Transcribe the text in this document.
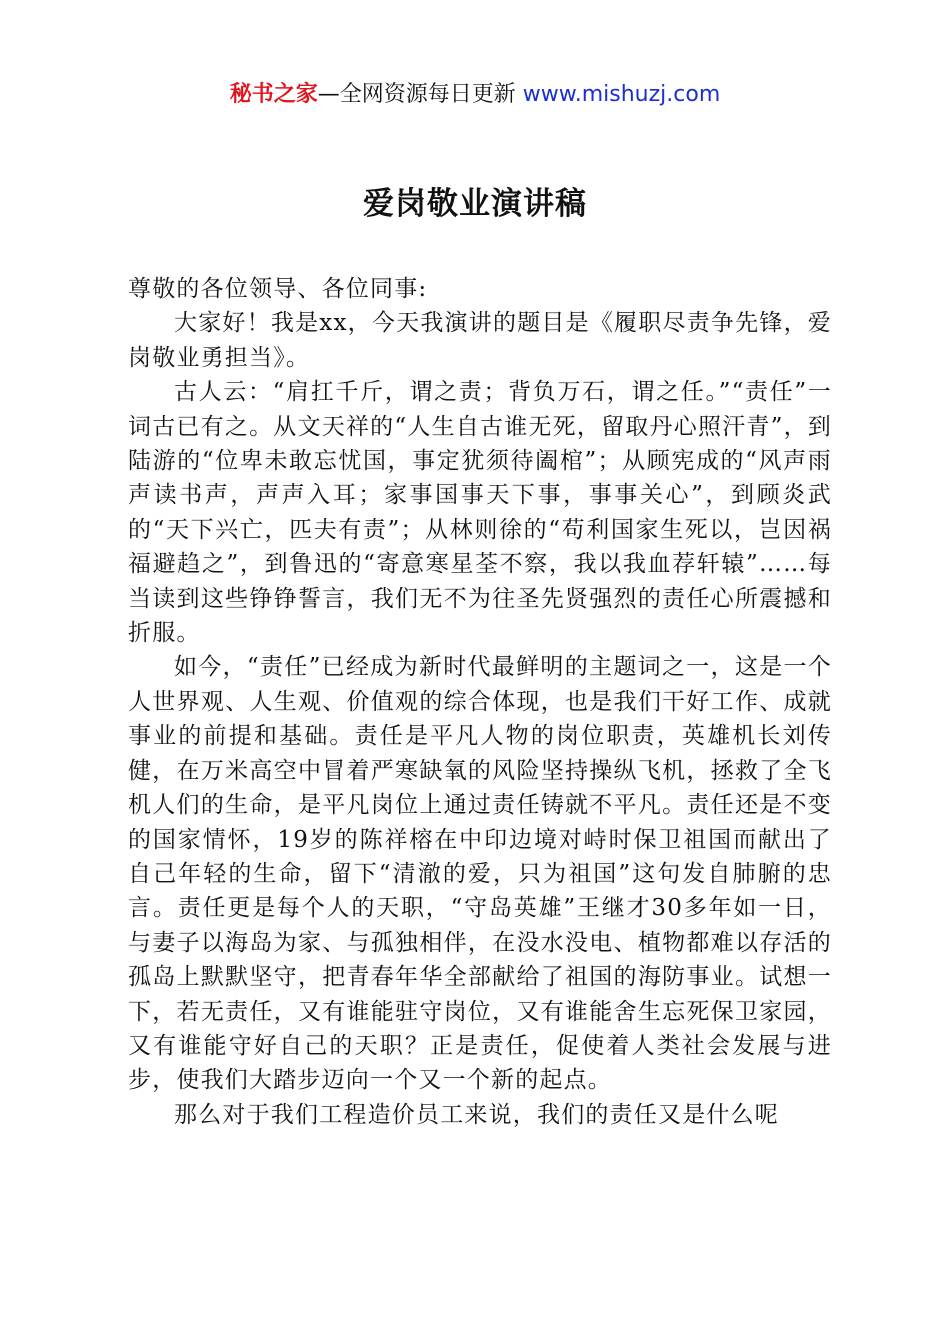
秘书之家—全网资源每日更新 www.mishuzj.com
爱岗敬业演讲稿

尊敬的各位领导、各位同事:

大家好！我是xx，今天我演讲的题目是《履职尽责争先锋，爱岗敬业勇担当》。

古人云：“肩扛千斤，谓之责；背负万石，谓之任。”“责任”一词古已有之。从文天祥的“人生自古谁无死，留取丹心照汗青”，到陆游的“位卑未敢忘忧国，事定犹须待阖棺”；从顾宪成的“风声雨声读书声，声声入耳；家事国事天下事，事事关心”，到顾炎武的“天下兴亡，匹夫有责”；从林则徐的“苟利国家生死以，岂因祸福避趋之”，到鲁迅的“寄意寒星荃不察，我以我血荐轩辕”……每当读到这些铮铮誓言，我们无不为往圣先贤强烈的责任心所震撼和折服。

如今，“责任”已经成为新时代最鲜明的主题词之一，这是一个人世界观、人生观、价值观的综合体现，也是我们干好工作、成就事业的前提和基础。责任是平凡人物的岗位职责，英雄机长刘传健，在万米高空中冒着严寒缺氧的风险坚持操纵飞机，拯救了全飞机人们的生命，是平凡岗位上通过责任铸就不平凡。责任还是不变的国家情怀，19岁的陈祥榕在中印边境对峙时保卫祖国而献出了自己年轻的生命，留下“清澈的爱，只为祖国”这句发自肺腑的忠言。责任更是每个人的天职，“守岛英雄”王继才30多年如一日，与妻子以海岛为家、与孤独相伴，在没水没电、植物都难以存活的孤岛上默默坚守，把青春年华全部献给了祖国的海防事业。试想一下，若无责任，又有谁能驻守岗位，又有谁能舍生忘死保卫家园，又有谁能守好自己的天职？正是责任，促使着人类社会发展与进步，使我们大踏步迈向一个又一个新的起点。

那么对于我们工程造价员工来说，我们的责任又是什么呢
